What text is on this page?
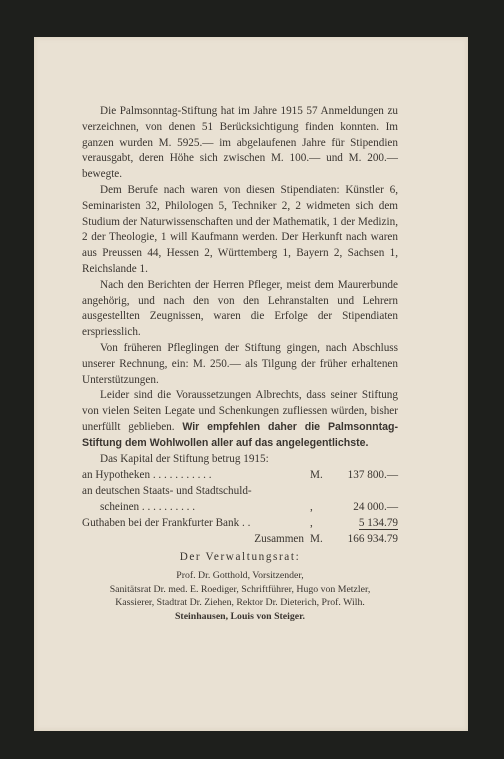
Die Palmsonntag-Stiftung hat im Jahre 1915 57 Anmeldungen zu verzeichnen, von denen 51 Berücksichtigung finden konnten. Im ganzen wurden M. 5925.— im abgelaufenen Jahre für Stipendien verausgabt, deren Höhe sich zwischen M. 100.— und M. 200.— bewegte.

Dem Berufe nach waren von diesen Stipendiaten: Künstler 6, Seminaristen 32, Philologen 5, Techniker 2, 2 widmeten sich dem Studium der Naturwissenschaften und der Mathematik, 1 der Medizin, 2 der Theologie, 1 will Kaufmann werden. Der Herkunft nach waren aus Preussen 44, Hessen 2, Württemberg 1, Bayern 2, Sachsen 1, Reichslande 1.

Nach den Berichten der Herren Pfleger, meist dem Maurerbunde angehörig, und nach den von den Lehranstalten und Lehrern ausgestellten Zeugnissen, waren die Erfolge der Stipendiaten erspriesslich.

Von früheren Pfleglingen der Stiftung gingen, nach Abschluss unserer Rechnung, ein: M. 250.— als Tilgung der früher erhaltenen Unterstützungen.

Leider sind die Voraussetzungen Albrechts, dass seiner Stiftung von vielen Seiten Legate und Schenkungen zufliessen würden, bisher unerfüllt geblieben. Wir empfehlen daher die Palmsonntag-Stiftung dem Wohlwollen aller auf das angelegentlichste.

Das Kapital der Stiftung betrug 1915:

an Hypotheken . . . . . . . . . . .	M.	137 800.—
an deutschen Staats- und Stadtschuld-		
scheinen . . . . . . . . . .	,	24 000.—
Guthaben bei der Frankfurter Bank . .	,	5 134.79
Zusammen	M.	166 934.79
Der Verwaltungsrat:
Prof. Dr. Gotthold, Vorsitzender,
Sanitätsrat Dr. med. E. Roediger, Schriftführer, Hugo von Metzler,
Kassierer, Stadtrat Dr. Ziehen, Rektor Dr. Dieterich, Prof. Wilh.
Steinhausen, Louis von Steiger.
